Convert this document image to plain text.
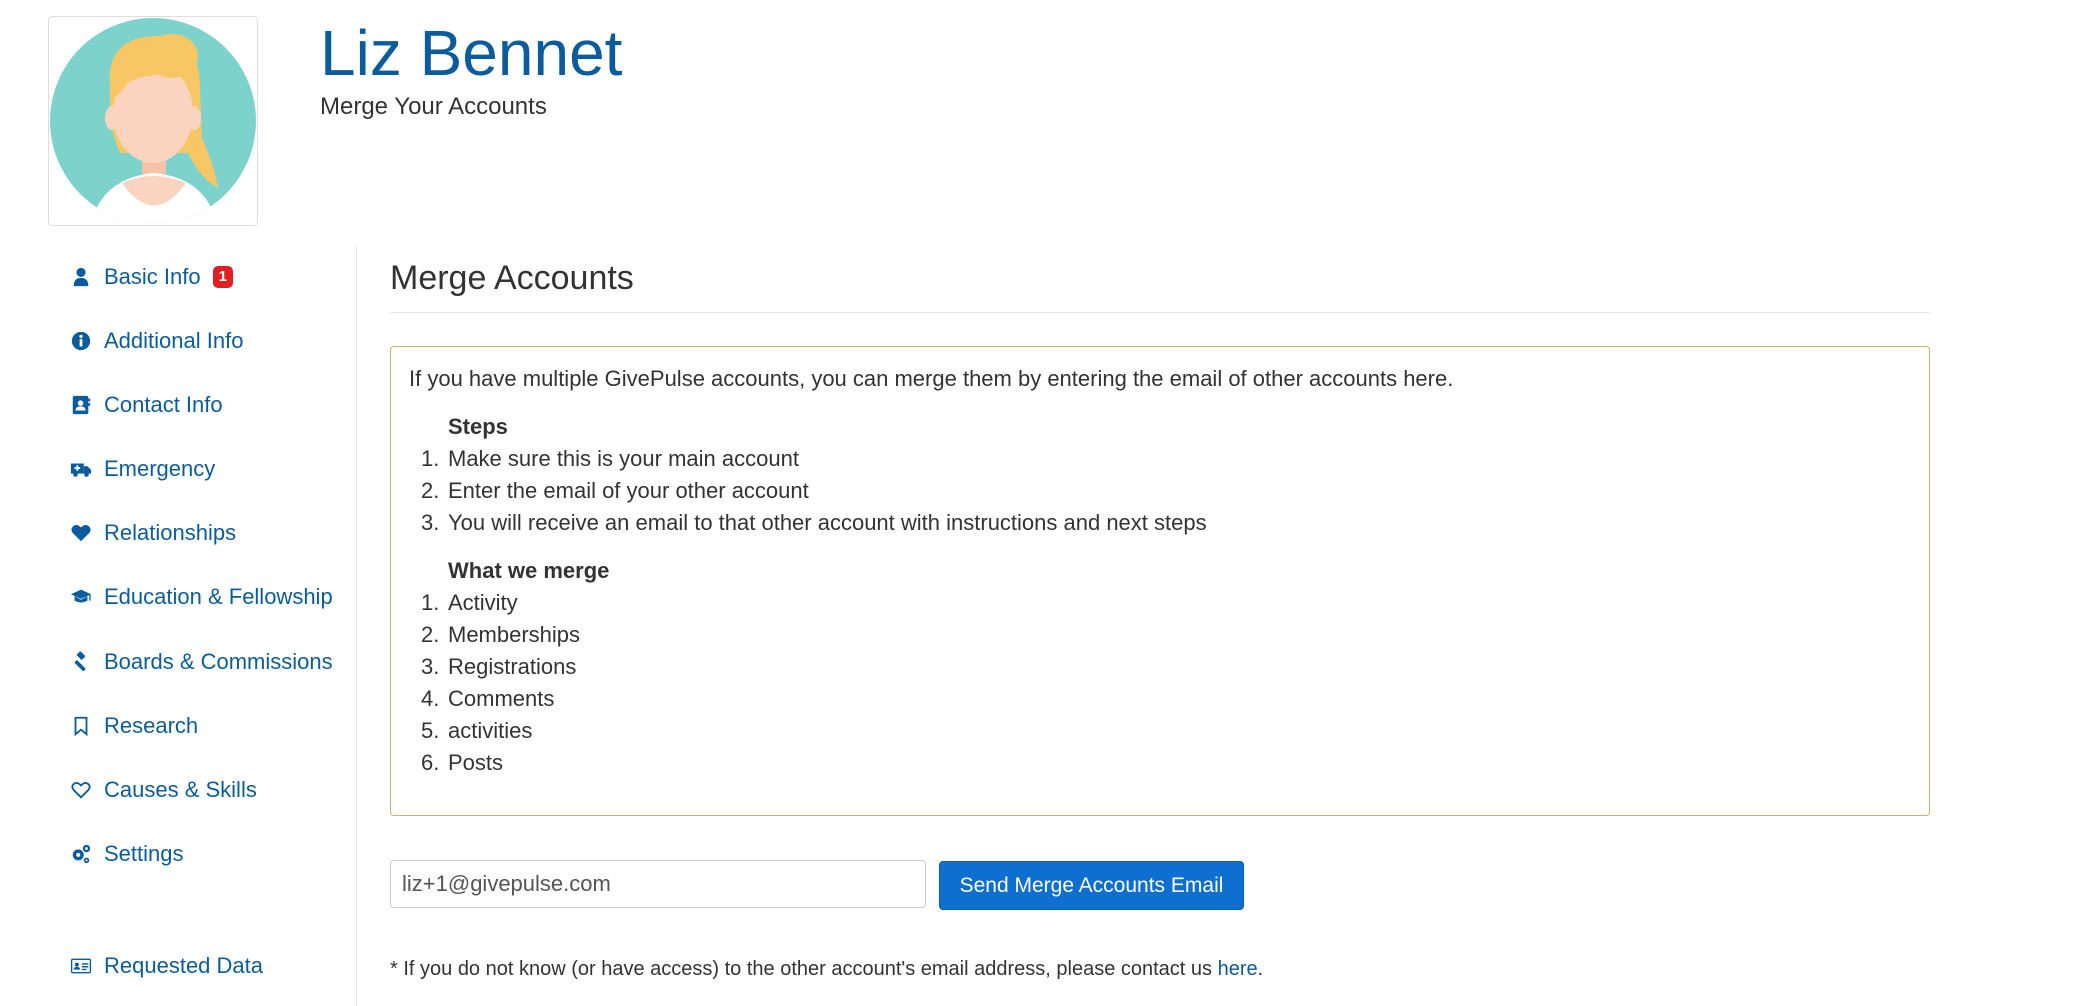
Liz Bennet

Merge Your Accounts

Basic Info	1
Additional Info
Contact Info
Emergency
Relationships
Education & Fellowship
Boards & Commissions
Research
Causes & Skills
Settings
Requested Data
Merge Accounts

If you have multiple GivePulse accounts, you can merge them by entering the email of other accounts here.

Steps

1. Make sure this is your main account

2. Enter the email of your other account

3. You will receive an email to that other account with instructions and next steps

What we merge

1. Activity

2. Memberships

3. Registrations

4. Comments

5. activities

6. Posts

liz+1@givepulse.com
Send Merge Accounts Email

* If you do not know (or have access) to the other account's email address, please contact us here.
